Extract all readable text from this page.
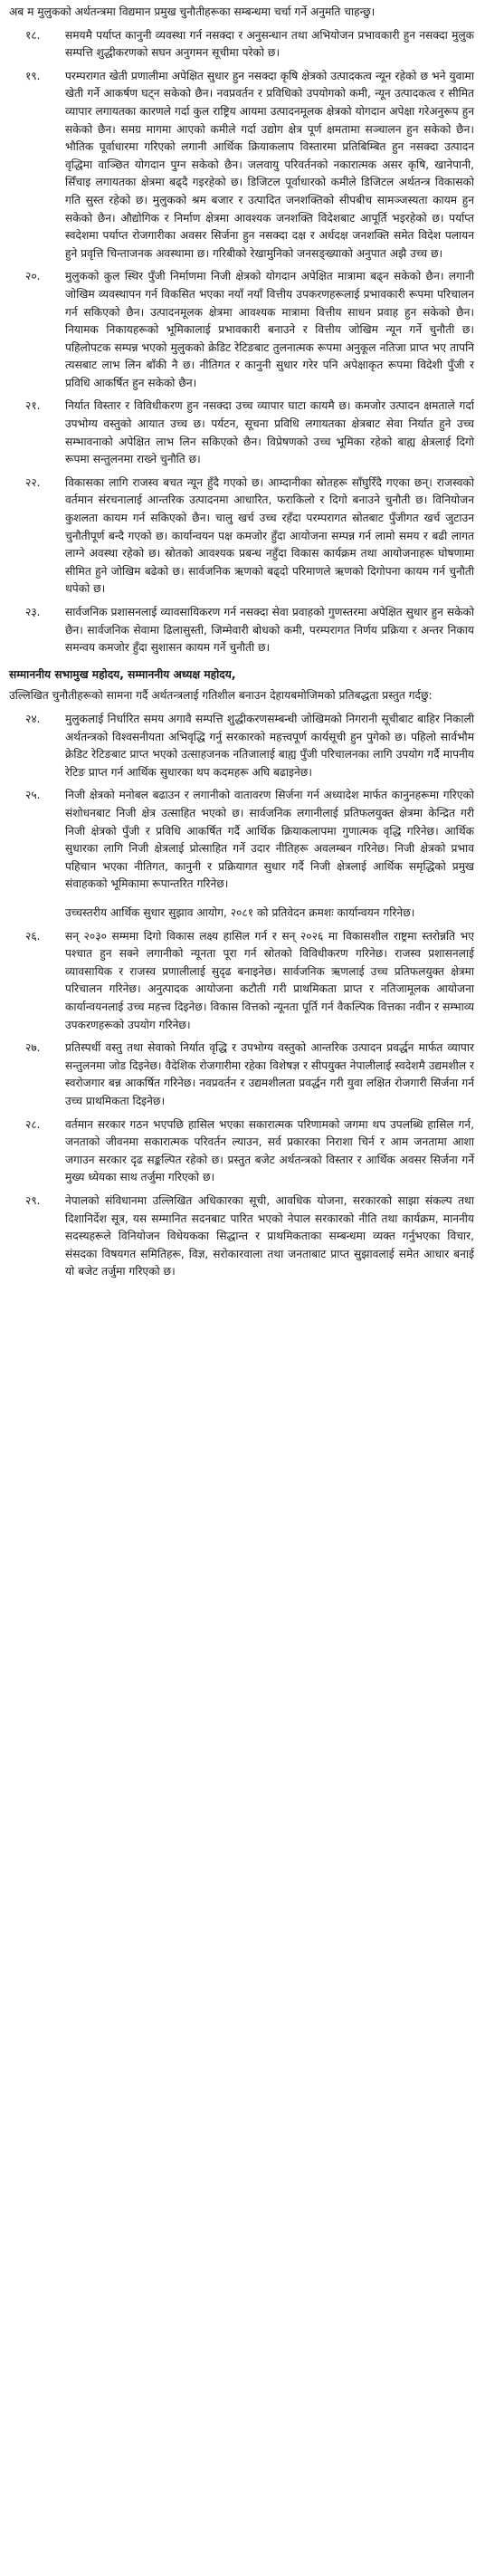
अब म मुलुकको अर्थतन्त्रमा विद्यमान प्रमुख चुनौतीहरूका सम्बन्धमा चर्चा गर्ने अनुमति चाहन्छु।

१८.	समयमै पर्याप्त कानुनी व्यवस्था गर्न नसक्दा र अनुसन्धान तथा अभियोजन प्रभावकारी हुन नसक्दा मुलुक सम्पत्ति शुद्धीकरणको सघन अनुगमन सूचीमा परेको छ।
१९.	परम्परागत खेती प्रणालीमा अपेक्षित सुधार हुन नसक्दा कृषि क्षेत्रको उत्पादकत्व न्यून रहेको छ भने युवामा खेती गर्ने आकर्षण घट्न सकेको छैन। नवप्रवर्तन र प्रविधिको उपयोगको कमी, न्यून उत्पादकत्व र सीमित व्यापार लगायतका कारणले गर्दा कुल राष्ट्रिय आयमा उत्पादनमूलक क्षेत्रको योगदान अपेक्षा गरेअनुरूप हुन सकेको छैन। समग्र मागमा आएको कमीले गर्दा उद्योग क्षेत्र पूर्ण क्षमतामा सञ्चालन हुन सकेको छैन। भौतिक पूर्वाधारमा गरिएको लगानी आर्थिक क्रियाकलाप विस्तारमा प्रतिबिम्बित हुन नसक्दा उत्पादन वृद्धिमा वाञ्छित योगदान पुग्न सकेको छैन। जलवायु परिवर्तनको नकारात्मक असर कृषि, खानेपानी, सिँचाइ लगायतका क्षेत्रमा बढ्दै गइरहेको छ। डिजिटल पूर्वाधारको कमीले डिजिटल अर्थतन्त्र विकासको गति सुस्त रहेको छ। मुलुकको श्रम बजार र उत्पादित जनशक्तिको सीपबीच सामञ्जस्यता कायम हुन सकेको छैन। औद्योगिक र निर्माण क्षेत्रमा आवश्यक जनशक्ति विदेशबाट आपूर्ति भइरहेको छ। पर्याप्त स्वदेशमा पर्याप्त रोजगारीका अवसर सिर्जना हुन नसक्दा दक्ष र अर्धदक्ष जनशक्ति समेत विदेश पलायन हुने प्रवृत्ति चिन्ताजनक अवस्थामा छ। गरिबीको रेखामुनिको जनसङ्ख्याको अनुपात अझै उच्च छ।
२०.	मुलुकको कुल स्थिर पुँजी निर्माणमा निजी क्षेत्रको योगदान अपेक्षित मात्रामा बढ्न सकेको छैन। लगानी जोखिम व्यवस्थापन गर्न विकसित भएका नयाँ नयाँ वित्तीय उपकरणहरूलाई प्रभावकारी रूपमा परिचालन गर्न सकिएको छैन। उत्पादनमूलक क्षेत्रमा आवश्यक मात्रामा वित्तीय साधन प्रवाह हुन सकेको छैन। नियामक निकायहरूको भूमिकालाई प्रभावकारी बनाउने र वित्तीय जोखिम न्यून गर्ने चुनौती छ। पहिलोपटक सम्पन्न भएको मुलुकको क्रेडिट रेटिङबाट तुलनात्मक रूपमा अनुकूल नतिजा प्राप्त भए तापनि त्यसबाट लाभ लिन बाँकी नै छ। नीतिगत र कानुनी सुधार गरेर पनि अपेक्षाकृत रूपमा विदेशी पुँजी र प्रविधि आकर्षित हुन सकेको छैन।
२१.	निर्यात विस्तार र विविधीकरण हुन नसक्दा उच्च व्यापार घाटा कायमै छ। कमजोर उत्पादन क्षमताले गर्दा उपभोग्य वस्तुको आयात उच्च छ। पर्यटन, सूचना प्रविधि लगायतका क्षेत्रबाट सेवा निर्यात हुने उच्च सम्भावनाको अपेक्षित लाभ लिन सकिएको छैन। विप्रेषणको उच्च भूमिका रहेको बाह्य क्षेत्रलाई दिगो रूपमा सन्तुलनमा राख्ने चुनौति छ।
२२.	विकासका लागि राजस्व बचत न्यून हुँदै गएको छ। आम्दानीका स्रोतहरू साँघुरिँदै गएका छन्। राजस्वको वर्तमान संरचनालाई आन्तरिक उत्पादनमा आधारित, फराकिलो र दिगो बनाउने चुनौती छ। विनियोजन कुशलता कायम गर्न सकिएको छैन। चालु खर्च उच्च रहँदा परम्परागत स्रोतबाट पुँजीगत खर्च जुटाउन चुनौतीपूर्ण बन्दै गएको छ। कार्यान्वयन पक्ष कमजोर हुँदा आयोजना सम्पन्न गर्न लामो समय र बढी लागत लाग्ने अवस्था रहेको छ। स्रोतको आवश्यक प्रबन्ध नहुँदा विकास कार्यक्रम तथा आयोजनाहरू घोषणामा सीमित हुने जोखिम बढेको छ। सार्वजनिक ऋणको बढ्दो परिमाणले ऋणको दिगोपना कायम गर्न चुनौती थपेको छ।
२३.	सार्वजनिक प्रशासनलाई व्यावसायिकरण गर्न नसक्दा सेवा प्रवाहको गुणस्तरमा अपेक्षित सुधार हुन सकेको छैन। सार्वजनिक सेवामा ढिलासुस्ती, जिम्मेवारी बोधको कमी, परम्परागत निर्णय प्रक्रिया र अन्तर निकाय समन्वय कमजोर हुँदा सुशासन कायम गर्ने चुनौती छ।
सम्माननीय सभामुख महोदय, सम्माननीय अध्यक्ष महोदय,

उल्लिखित चुनौतीहरूको सामना गर्दै अर्थतन्त्रलाई गतिशील बनाउन देहायबमोजिमको प्रतिबद्धता प्रस्तुत गर्दछु:

२४.	मुलुकलाई निर्धारित समय अगावै सम्पत्ति शुद्धीकरणसम्बन्धी जोखिमको निगरानी सूचीबाट बाहिर निकाली अर्थतन्त्रको विश्वसनीयता अभिवृद्धि गर्नु सरकारको महत्त्वपूर्ण कार्यसूची हुन पुगेको छ। पहिलो सार्वभौम क्रेडिट रेटिङबाट प्राप्त भएको उत्साहजनक नतिजालाई बाह्य पुँजी परिचालनका लागि उपयोग गर्दै मापनीय रेटिङ प्राप्त गर्न आर्थिक सुधारका थप कदमहरू अघि बढाइनेछ।
२५.	निजी क्षेत्रको मनोबल बढाउन र लगानीको वातावरण सिर्जना गर्न अध्यादेश मार्फत कानुनहरूमा गरिएको संशोधनबाट निजी क्षेत्र उत्साहित भएको छ। सार्वजनिक लगानीलाई प्रतिफलयुक्त क्षेत्रमा केन्द्रित गरी निजी क्षेत्रको पुँजी र प्रविधि आकर्षित गर्दै आर्थिक क्रियाकलापमा गुणात्मक वृद्धि गरिनेछ। आर्थिक सुधारका लागि निजी क्षेत्रलाई प्रोत्साहित गर्ने उदार नीतिहरू अवलम्बन गरिनेछ। निजी क्षेत्रको प्रभाव पहिचान भएका नीतिगत, कानुनी र प्रक्रियागत सुधार गर्दै निजी क्षेत्रलाई आर्थिक समृद्धिको प्रमुख संवाहकको भूमिकामा रूपान्तरित गरिनेछ।

उच्चस्तरीय आर्थिक सुधार सुझाव आयोग, २०८१ को प्रतिवेदन क्रमशः कार्यान्वयन गरिनेछ।

२६.	सन् २०३० सम्ममा दिगो विकास लक्ष्य हासिल गर्न र सन् २०२६ मा विकासशील राष्ट्रमा स्तरोन्नति भए पश्चात हुन सक्ने लगानीको न्यूनता पूरा गर्न स्रोतको विविधीकरण गरिनेछ। राजस्व प्रशासनलाई व्यावसायिक र राजस्व प्रणालीलाई सुदृढ बनाइनेछ। सार्वजनिक ऋणलाई उच्च प्रतिफलयुक्त क्षेत्रमा परिचालन गरिनेछ। अनुत्पादक आयोजना कटौती गरी प्राथमिकता प्राप्त र नतिजामूलक आयोजना कार्यान्वयनलाई उच्च महत्त्व दिइनेछ। विकास वित्तको न्यूनता पूर्ति गर्न वैकल्पिक वित्तका नवीन र सम्भाव्य उपकरणहरूको उपयोग गरिनेछ।
२७.	प्रतिस्पर्धी वस्तु तथा सेवाको निर्यात वृद्धि र उपभोग्य वस्तुको आन्तरिक उत्पादन प्रवर्द्धन मार्फत व्यापार सन्तुलनमा जोड दिइनेछ। वैदेशिक रोजगारीमा रहेका विशेषज्ञ र सीपयुक्त नेपालीलाई स्वदेशमै उद्यमशील र स्वरोजगार बन्न आकर्षित गरिनेछ। नवप्रवर्तन र उद्यमशीलता प्रवर्द्धन गरी युवा लक्षित रोजगारी सिर्जना गर्न उच्च प्राथमिकता दिइनेछ।
२८.	वर्तमान सरकार गठन भएपछि हासिल भएका सकारात्मक परिणामको जगमा थप उपलब्धि हासिल गर्न, जनताको जीवनमा सकारात्मक परिवर्तन ल्याउन, सर्व प्रकारका निराशा चिर्न र आम जनतामा आशा जगाउन सरकार दृढ सङ्कल्पित रहेको छ। प्रस्तुत बजेट अर्थतन्त्रको विस्तार र आर्थिक अवसर सिर्जना गर्ने मुख्य ध्येयका साथ तर्जुमा गरिएको छ।
२९.	नेपालको संविधानमा उल्लिखित अधिकारका सूची, आवधिक योजना, सरकारको साझा संकल्प तथा दिशानिर्देश सूत्र, यस सम्मानित सदनबाट पारित भएको नेपाल सरकारको नीति तथा कार्यक्रम, माननीय सदस्यहरूले विनियोजन विधेयकका सिद्धान्त र प्राथमिकताका सम्बन्धमा व्यक्त गर्नुभएका विचार, संसदका विषयगत समितिहरू, विज्ञ, सरोकारवाला तथा जनताबाट प्राप्त सुझावलाई समेत आधार बनाई यो बजेट तर्जुमा गरिएको छ।
